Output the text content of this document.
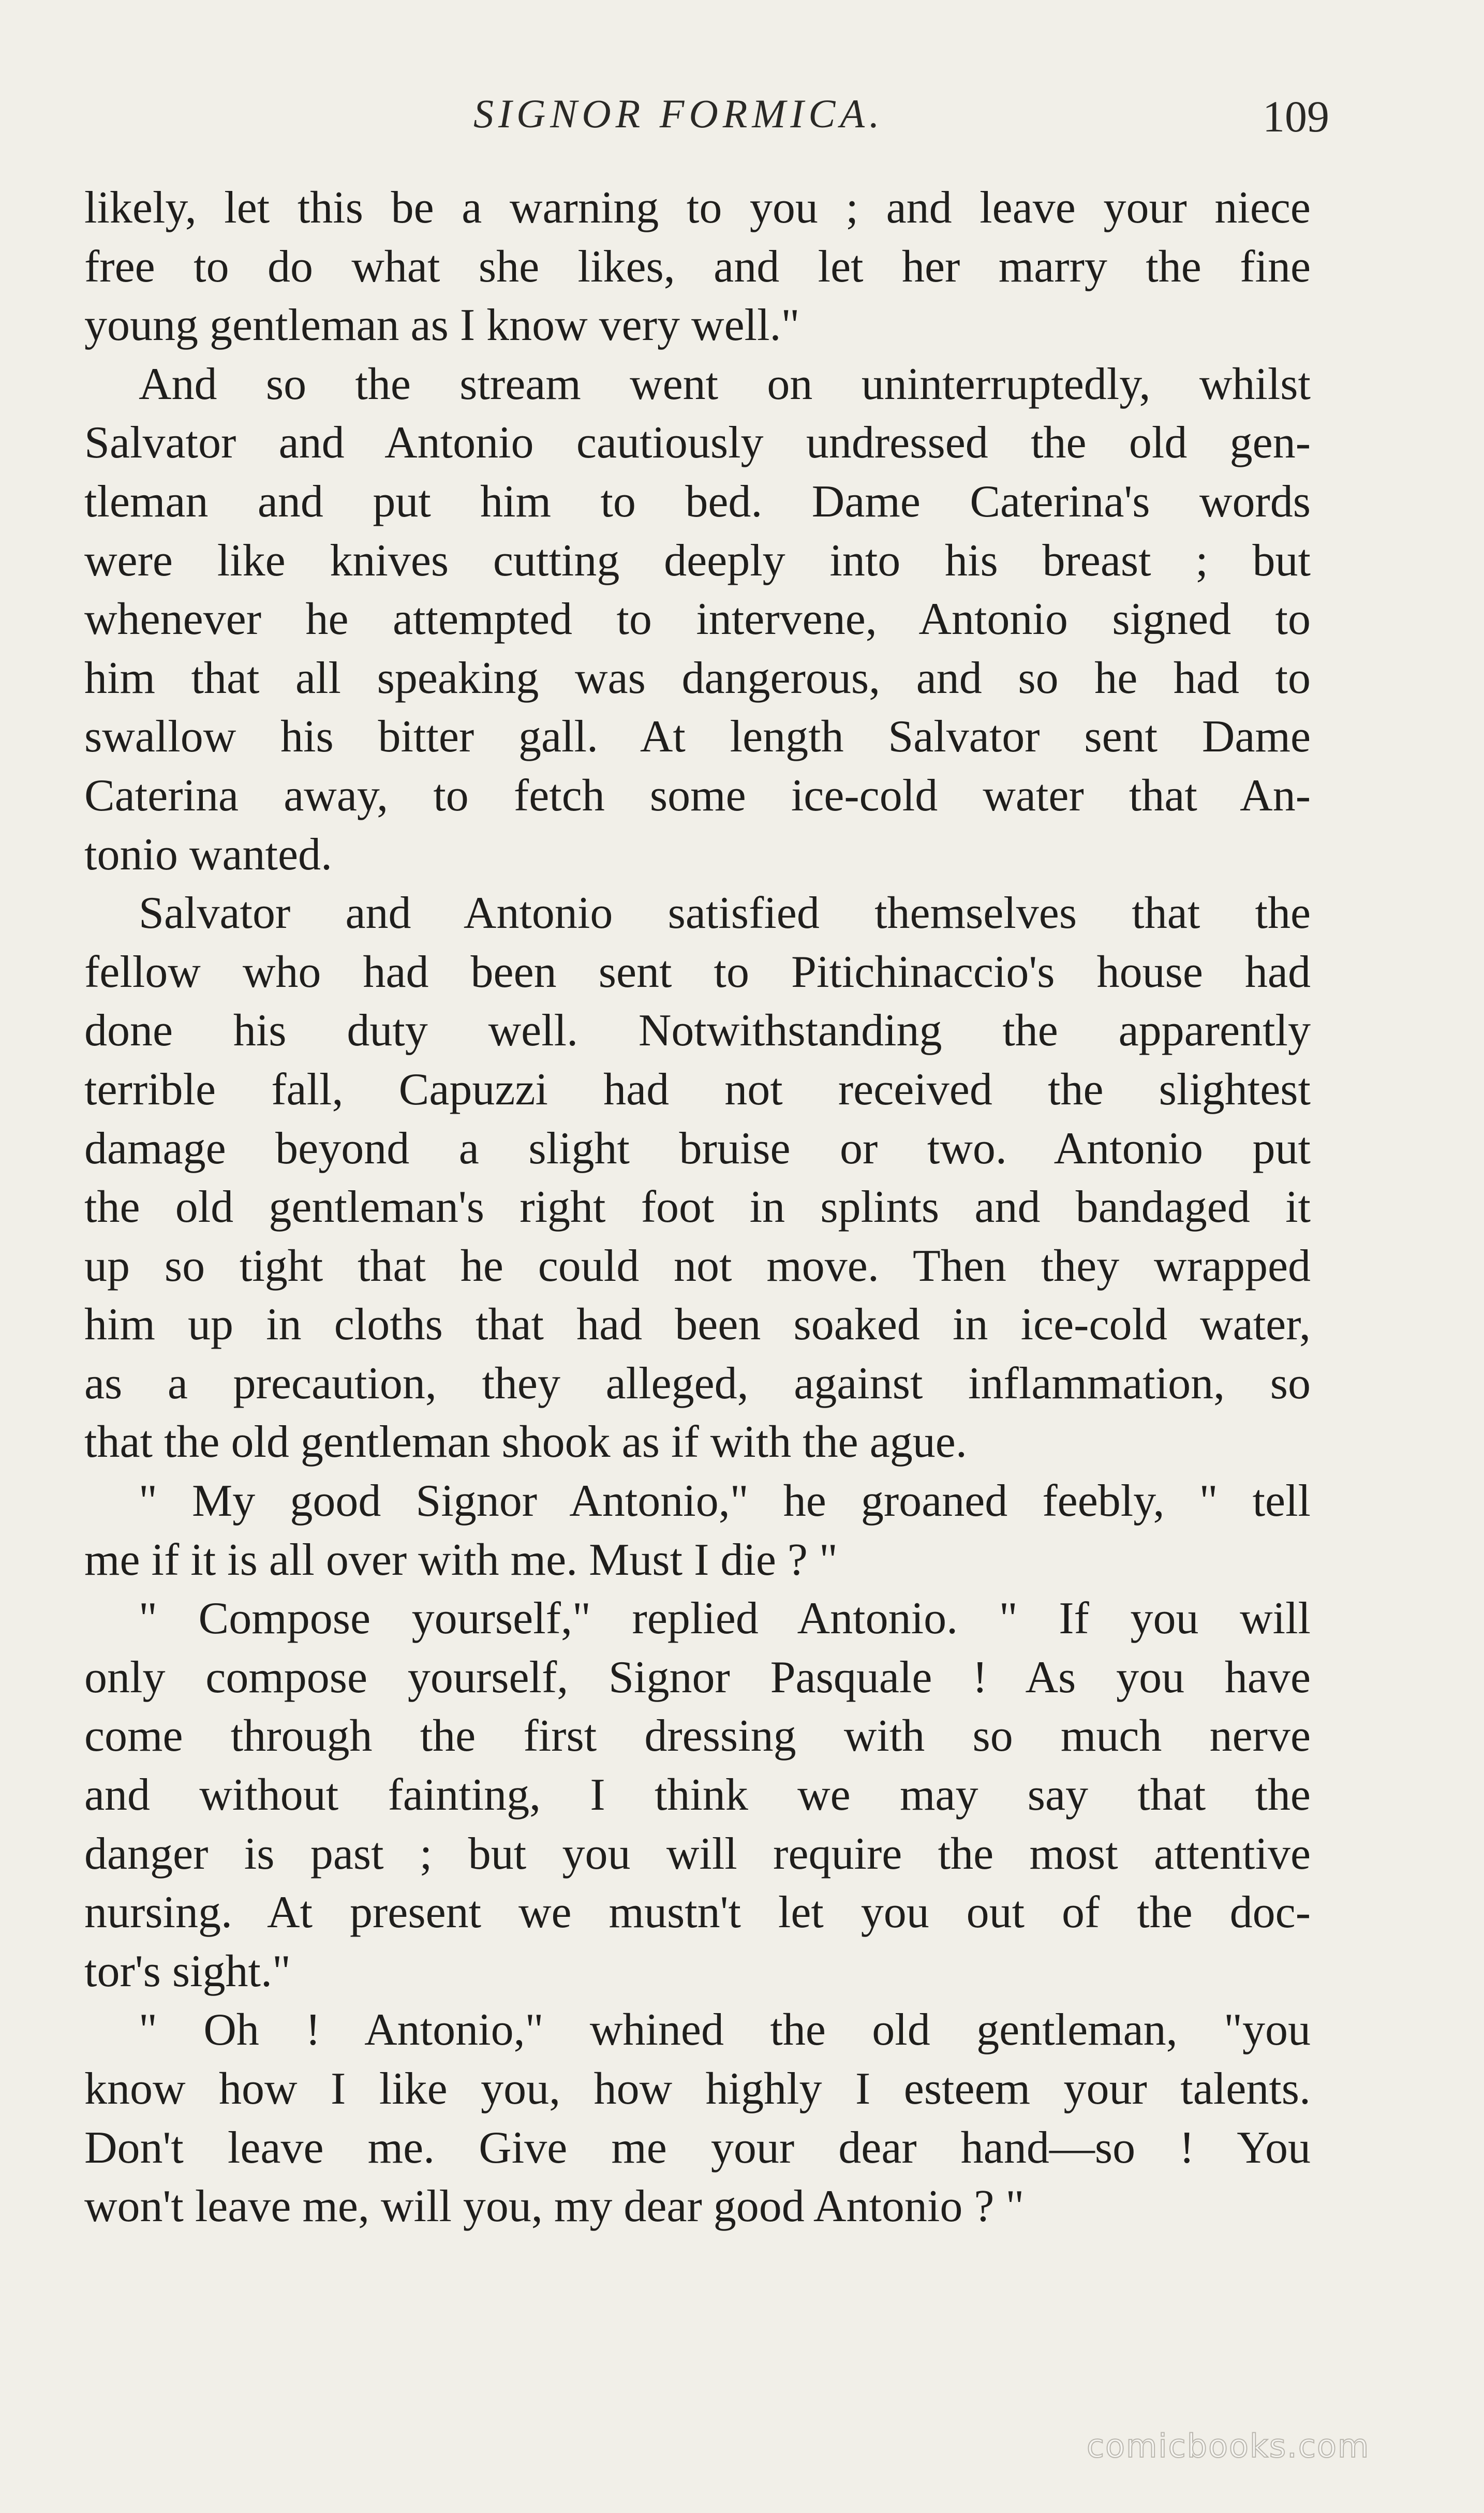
SIGNOR FORMICA.	109
likely, let this be a warning to you ; and leave your niece
free to do what she likes, and let her marry the fine
young gentleman as I know very well."
And so the stream went on uninterruptedly, whilst
Salvator and Antonio cautiously undressed the old gen-
tleman and put him to bed. Dame Caterina's words
were like knives cutting deeply into his breast ; but
whenever he attempted to intervene, Antonio signed to
him that all speaking was dangerous, and so he had to
swallow his bitter gall. At length Salvator sent Dame
Caterina away, to fetch some ice-cold water that An-
tonio wanted.
Salvator and Antonio satisfied themselves that the
fellow who had been sent to Pitichinaccio's house had
done his duty well. Notwithstanding the apparently
terrible fall, Capuzzi had not received the slightest
damage beyond a slight bruise or two. Antonio put
the old gentleman's right foot in splints and bandaged it
up so tight that he could not move. Then they wrapped
him up in cloths that had been soaked in ice-cold water,
as a precaution, they alleged, against inflammation, so
that the old gentleman shook as if with the ague.
" My good Signor Antonio," he groaned feebly, " tell
me if it is all over with me. Must I die ? "
" Compose yourself," replied Antonio. " If you will
only compose yourself, Signor Pasquale ! As you have
come through the first dressing with so much nerve
and without fainting, I think we may say that the
danger is past ; but you will require the most attentive
nursing. At present we mustn't let you out of the doc-
tor's sight."
" Oh ! Antonio," whined the old gentleman, "you
know how I like you, how highly I esteem your talents.
Don't leave me. Give me your dear hand—so ! You
won't leave me, will you, my dear good Antonio ? "
comicbooks.com
